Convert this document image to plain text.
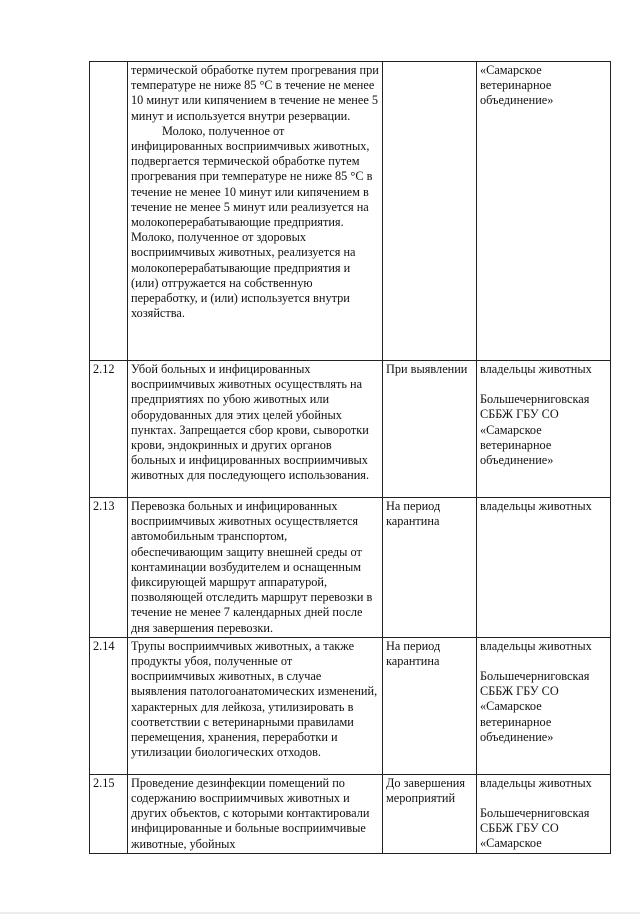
	термической обработке путем прогревания при температуре не ниже 85 °С в течение не менее 10 минут или кипячением в течение не менее 5 минут и используется внутри резервации.
Молоко, полученное от инфицированных восприимчивых животных, подвергается термической обработке путем прогревания при температуре не ниже 85 °С в течение не менее 10 минут или кипячением в течение не менее 5 минут или реализуется на молокоперерабатывающие предприятия.
Молоко, полученное от здоровых восприимчивых животных, реализуется на молокоперерабатывающие предприятия и (или) отгружается на собственную переработку, и (или) используется внутри хозяйства.		«Самарское ветеринарное объединение»

2.12	Убой больных и инфицированных восприимчивых животных осуществлять на предприятиях по убою животных или оборудованных для этих целей убойных пунктах. Запрещается сбор крови, сыворотки крови, эндокринных и других органов больных и инфицированных восприимчивых животных для последующего использования.	При выявлении	владельцы животных
Большечерниговская СББЖ ГБУ СО «Самарское ветеринарное объединение»

2.13	Перевозка больных и инфицированных восприимчивых животных осуществляется автомобильным транспортом, обеспечивающим защиту внешней среды от контаминации возбудителем и оснащенным фиксирующей маршрут аппаратурой, позволяющей отследить маршрут перевозки в течение не менее 7 календарных дней после дня завершения перевозки.	На период карантина	владельцы животных

2.14	Трупы восприимчивых животных, а также продукты убоя, полученные от восприимчивых животных, в случае выявления патологоанатомических изменений, характерных для лейкоза, утилизировать в соответствии с ветеринарными правилами перемещения, хранения, переработки и утилизации биологических отходов.	На период карантина	владельцы животных
Большечерниговская СББЖ ГБУ СО «Самарское ветеринарное объединение»

2.15	Проведение дезинфекции помещений по содержанию восприимчивых животных и других объектов, с которыми контактировали инфицированные и больные восприимчивые животные, убойных	До завершения мероприятий	владельцы животных
Большечерниговская СББЖ ГБУ СО «Самарское
